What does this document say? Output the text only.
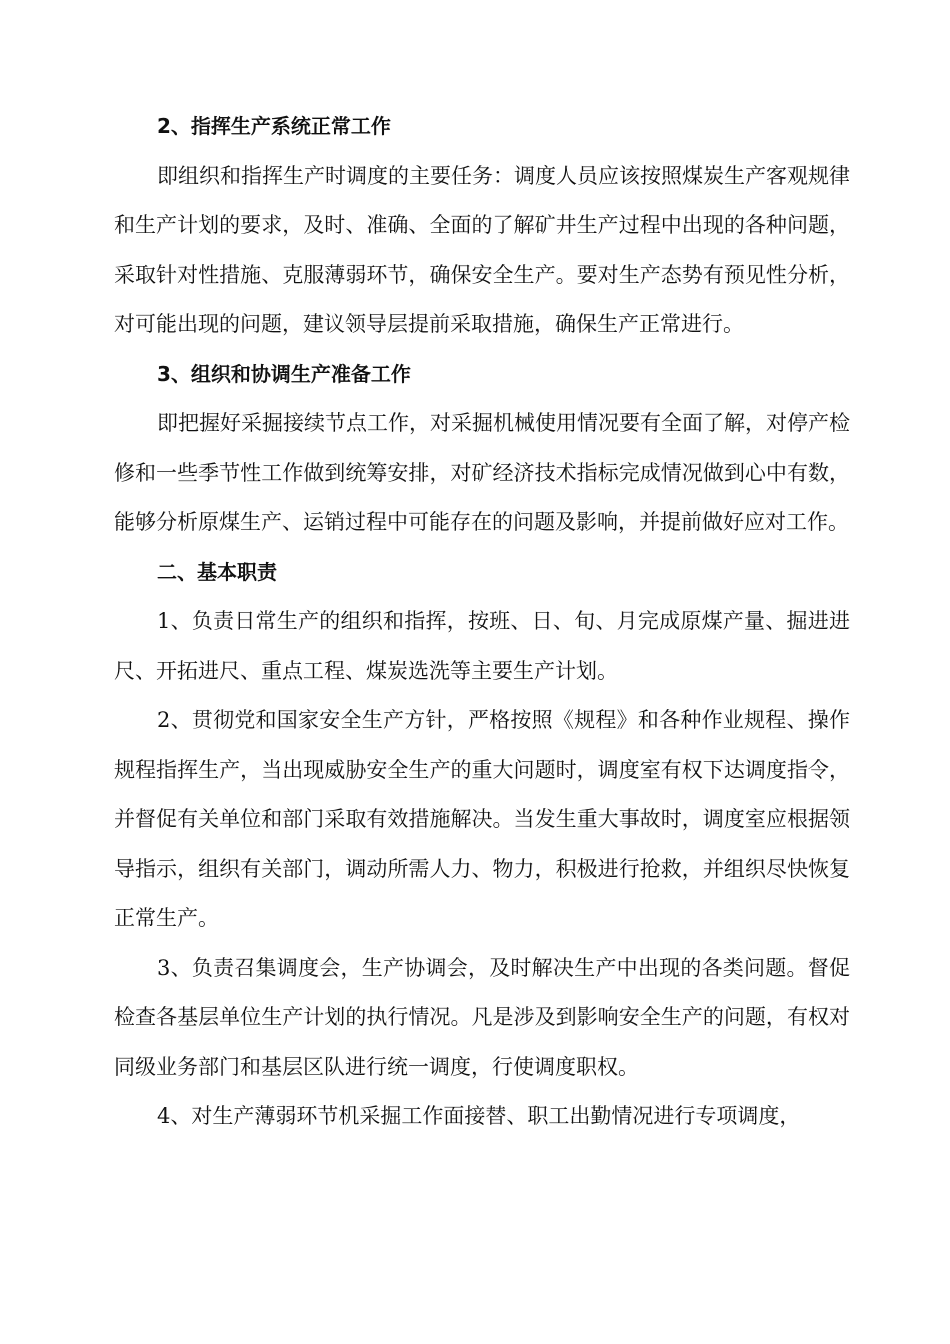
2、指挥生产系统正常工作

即组织和指挥生产时调度的主要任务：调度人员应该按照煤炭生产客观规律和生产计划的要求，及时、准确、全面的了解矿井生产过程中出现的各种问题，采取针对性措施、克服薄弱环节，确保安全生产。要对生产态势有预见性分析，对可能出现的问题，建议领导层提前采取措施，确保生产正常进行。

3、组织和协调生产准备工作

即把握好采掘接续节点工作，对采掘机械使用情况要有全面了解，对停产检修和一些季节性工作做到统筹安排，对矿经济技术指标完成情况做到心中有数，能够分析原煤生产、运销过程中可能存在的问题及影响，并提前做好应对工作。

二、基本职责

1、负责日常生产的组织和指挥，按班、日、旬、月完成原煤产量、掘进进尺、开拓进尺、重点工程、煤炭选洗等主要生产计划。

2、贯彻党和国家安全生产方针，严格按照《规程》和各种作业规程、操作规程指挥生产，当出现威胁安全生产的重大问题时，调度室有权下达调度指令，并督促有关单位和部门采取有效措施解决。当发生重大事故时，调度室应根据领导指示，组织有关部门，调动所需人力、物力，积极进行抢救，并组织尽快恢复正常生产。

3、负责召集调度会，生产协调会，及时解决生产中出现的各类问题。督促检查各基层单位生产计划的执行情况。凡是涉及到影响安全生产的问题，有权对同级业务部门和基层区队进行统一调度，行使调度职权。

4、对生产薄弱环节机采掘工作面接替、职工出勤情况进行专项调度，
